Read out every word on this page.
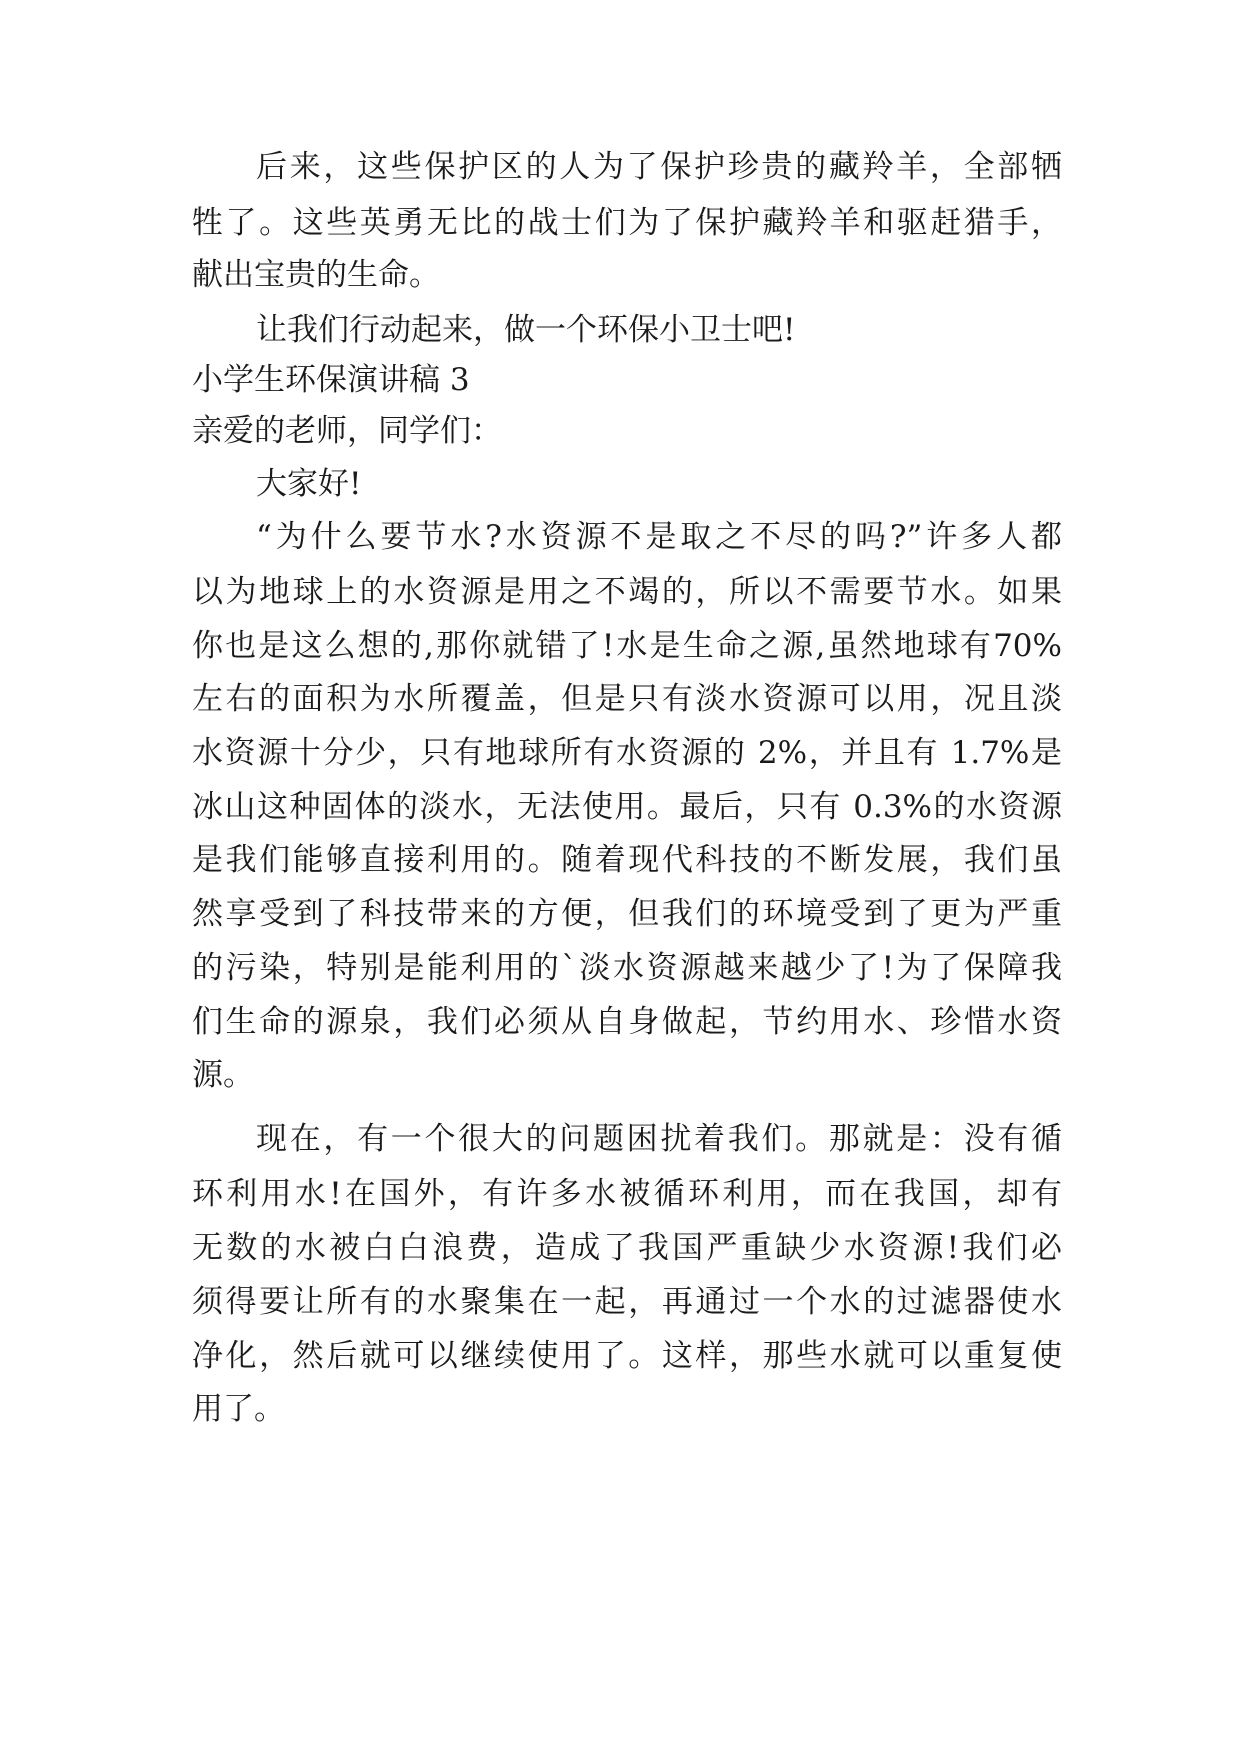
后来，这些保护区的人为了保护珍贵的藏羚羊，全部牺
牲了。这些英勇无比的战士们为了保护藏羚羊和驱赶猎手，
献出宝贵的生命。
让我们行动起来，做一个环保小卫士吧!
小学生环保演讲稿 3
亲爱的老师，同学们：
大家好!
“为什么要节水?水资源不是取之不尽的吗?”许多人都
以为地球上的水资源是用之不竭的，所以不需要节水。如果
你也是这么想的,那你就错了!水是生命之源,虽然地球有70%
左右的面积为水所覆盖，但是只有淡水资源可以用，况且淡
水资源十分少，只有地球所有水资源的 2%，并且有 1.7%是
冰山这种固体的淡水，无法使用。最后，只有 0.3%的水资源
是我们能够直接利用的。随着现代科技的不断发展，我们虽
然享受到了科技带来的方便，但我们的环境受到了更为严重
的污染，特别是能利用的`淡水资源越来越少了!为了保障我
们生命的源泉，我们必须从自身做起，节约用水、珍惜水资
源。
现在，有一个很大的问题困扰着我们。那就是：没有循
环利用水!在国外，有许多水被循环利用，而在我国，却有
无数的水被白白浪费，造成了我国严重缺少水资源!我们必
须得要让所有的水聚集在一起，再通过一个水的过滤器使水
净化，然后就可以继续使用了。这样，那些水就可以重复使
用了。
